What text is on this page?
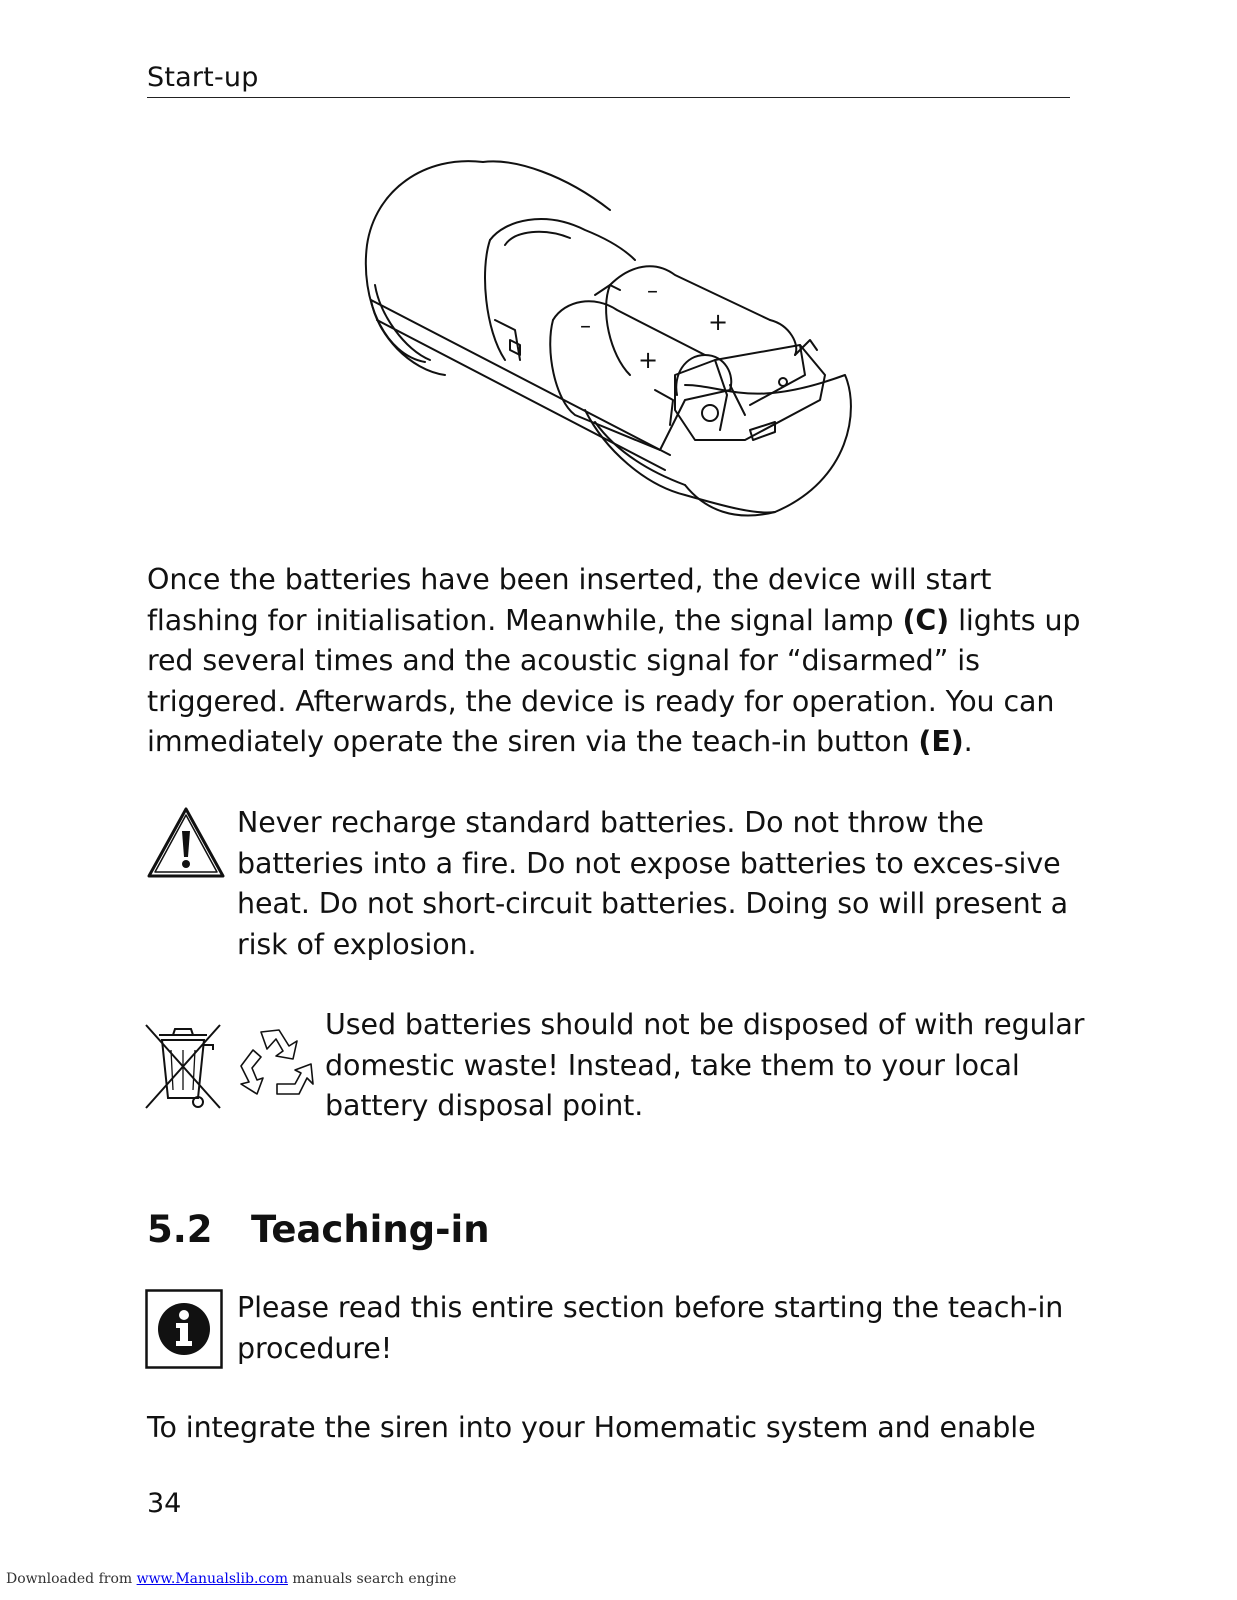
Start-up
–
+
–
+
Once the batteries have been inserted, the device will start flashing for initialisation. Meanwhile, the signal lamp (C) lights up red several times and the acoustic signal for “disarmed” is triggered. Afterwards, the device is ready for operation. You can immediately operate the siren via the teach-in button (E).
Never recharge standard batteries. Do not throw the batteries into a fire. Do not expose batteries to exces-sive heat. Do not short-circuit batteries. Doing so will present a risk of explosion.
Used batteries should not be disposed of with regular domestic waste! Instead, take them to your local battery disposal point.
5.2 Teaching-in
Please read this entire section before starting the teach-in procedure!
To integrate the siren into your Homematic system and enable
34
Downloaded from www.Manualslib.com manuals search engine
